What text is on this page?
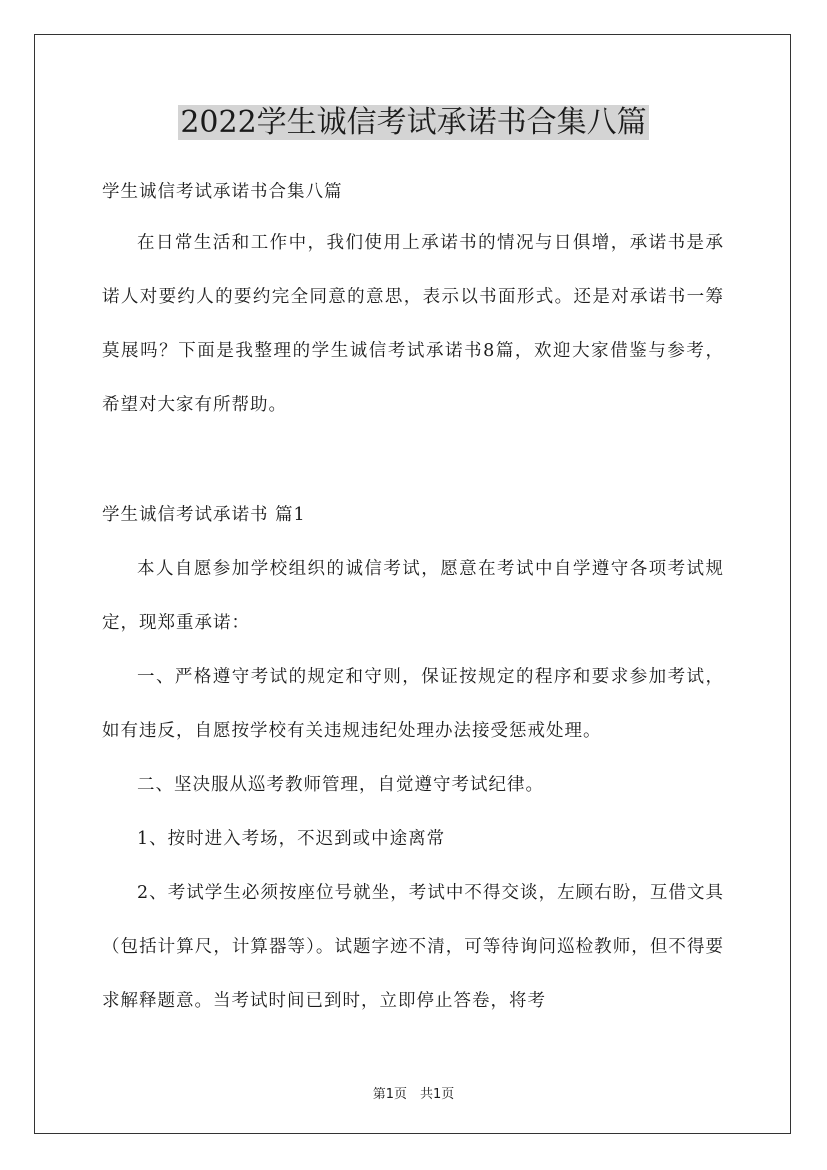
2022学生诚信考试承诺书合集八篇

学生诚信考试承诺书合集八篇

在日常生活和工作中，我们使用上承诺书的情况与日俱增，承诺书是承诺人对要约人的要约完全同意的意思，表示以书面形式。还是对承诺书一筹莫展吗？下面是我整理的学生诚信考试承诺书8篇，欢迎大家借鉴与参考，希望对大家有所帮助。

学生诚信考试承诺书 篇1

本人自愿参加学校组织的诚信考试，愿意在考试中自学遵守各项考试规定，现郑重承诺：

一、严格遵守考试的规定和守则，保证按规定的程序和要求参加考试，如有违反，自愿按学校有关违规违纪处理办法接受惩戒处理。

二、坚决服从巡考教师管理，自觉遵守考试纪律。

1、按时进入考场，不迟到或中途离常

2、考试学生必须按座位号就坐，考试中不得交谈，左顾右盼，互借文具（包括计算尺，计算器等）。试题字迹不清，可等待询问巡检教师，但不得要求解释题意。当考试时间已到时，立即停止答卷，将考

第1页　共1页
